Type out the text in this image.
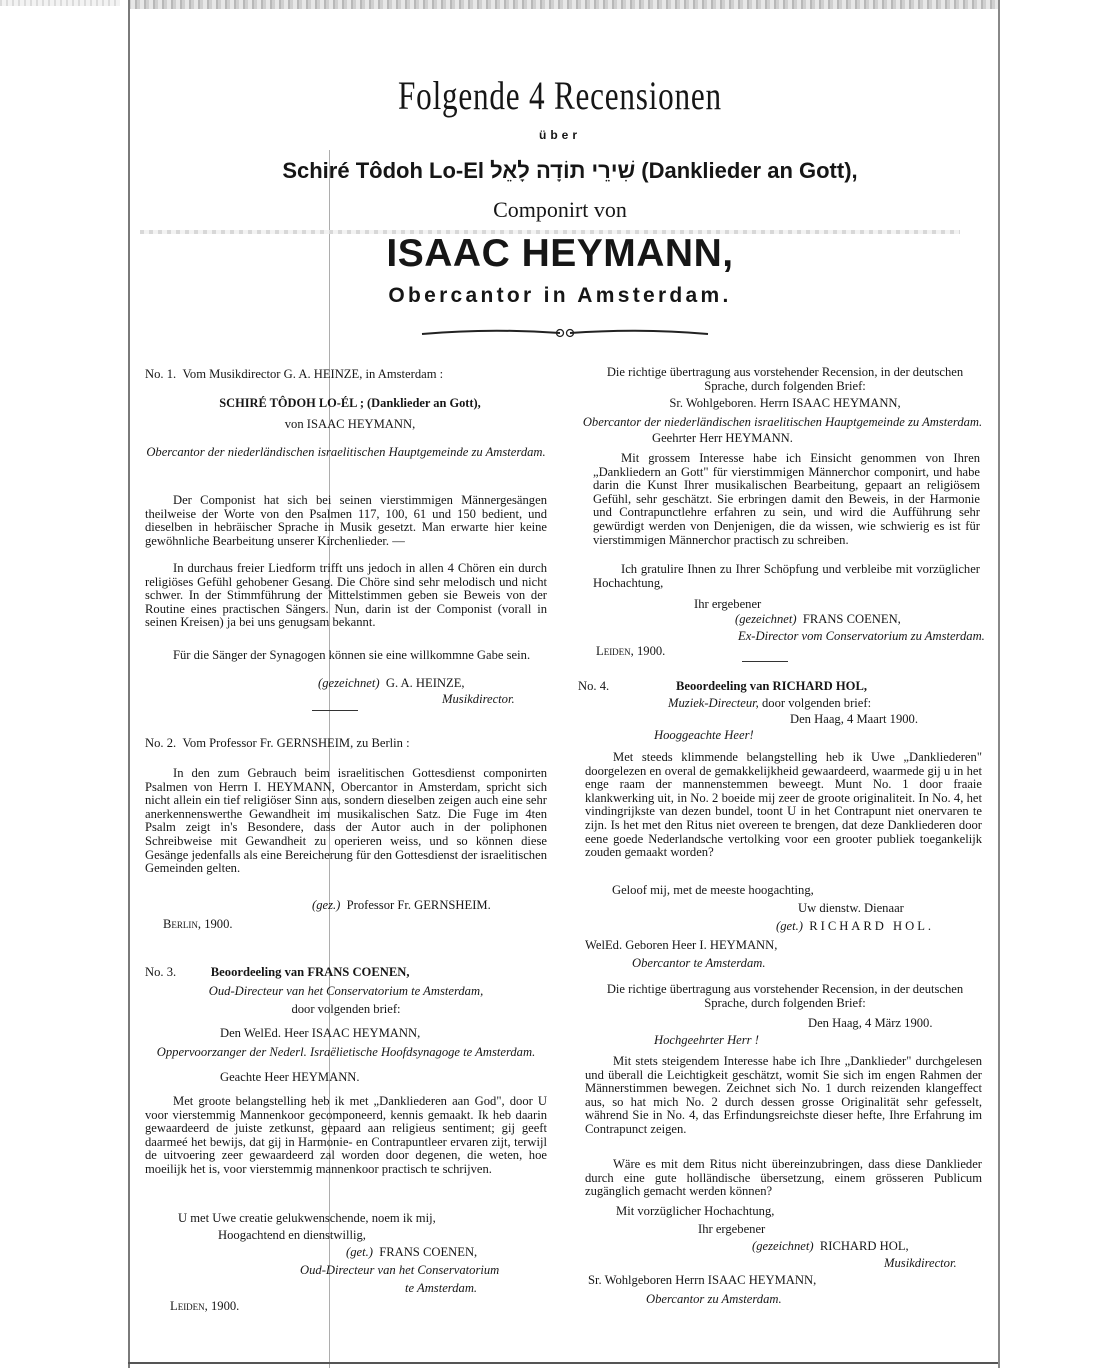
Folgende 4 Recensionen
über
Schiré Tôdoh Lo-El שִׁירֵי תוֹדָה לָאֵל (Danklieder an Gott),
Componirt von
ISAAC HEYMANN,
Obercantor in Amsterdam.

No. 1. Vom Musikdirector G. A. HEINZE, in Amsterdam :

SCHIRÉ TÔDOH LO-ÉL ; (Danklieder an Gott),

von ISAAC HEYMANN,

Obercantor der niederländischen israelitischen Hauptgemeinde zu Amsterdam.

Der Componist hat sich bei seinen vierstimmigen Männergesängen theilweise der Worte von den Psalmen 117, 100, 61 und 150 bedient, und dieselben in hebräischer Sprache in Musik gesetzt. Man erwarte hier keine gewöhnliche Bearbeitung unserer Kirchenlieder. —

In durchaus freier Liedform trifft uns jedoch in allen 4 Chören ein durch religiöses Gefühl gehobener Gesang. Die Chöre sind sehr melodisch und nicht schwer. In der Stimmführung der Mittelstimmen geben sie Beweis von der Routine eines practischen Sängers. Nun, darin ist der Componist (vorall in seinen Kreisen) ja bei uns genugsam bekannt.

Für die Sänger der Synagogen können sie eine willkommne Gabe sein.

(gezeichnet) G. A. HEINZE,

Musikdirector.

No. 2. Vom Professor Fr. GERNSHEIM, zu Berlin :

In den zum Gebrauch beim israelitischen Gottesdienst componirten Psalmen von Herrn I. HEYMANN, Obercantor in Amsterdam, spricht sich nicht allein ein tief religiöser Sinn aus, sondern dieselben zeigen auch eine sehr anerkennenswerthe Gewandheit im musikalischen Satz. Die Fuge im 4ten Psalm zeigt in's Besondere, dass der Autor auch in der poliphonen Schreibweise mit Gewandheit zu operieren weiss, und so können diese Gesänge jedenfalls als eine Bereicherung für den Gottesdienst der israelitischen Gemeinden gelten.

(gez.) Professor Fr. GERNSHEIM.

Berlin, 1900.

No. 3.	Beoordeeling van FRANS COENEN,

Oud-Directeur van het Conservatorium te Amsterdam,

door volgenden brief:

Den WelEd. Heer ISAAC HEYMANN,

Oppervoorzanger der Nederl. Israëlietische Hoofdsynagoge te Amsterdam.

Geachte Heer HEYMANN.

Met groote belangstelling heb ik met „Dankliederen aan God", door U voor vierstemmig Mannenkoor gecomponeerd, kennis gemaakt. Ik heb daarin gewaardeerd de juiste zetkunst, gepaard aan religieus sentiment; gij geeft daarmeé het bewijs, dat gij in Harmonie- en Contrapuntleer ervaren zijt, terwijl de uitvoering zeer gewaardeerd zal worden door degenen, die weten, hoe moeilijk het is, voor vierstemmig mannenkoor practisch te schrijven.

U met Uwe creatie gelukwenschende, noem ik mij,

Hoogachtend en dienstwillig,

(get.) FRANS COENEN,

Oud-Directeur van het Conservatorium

te Amsterdam.

Leiden, 1900.

Die richtige übertragung aus vorstehender Recension, in der deutschen Sprache, durch folgenden Brief:

Sr. Wohlgeboren. Herrn ISAAC HEYMANN,

Obercantor der niederländischen israelitischen Hauptgemeinde zu Amsterdam.

Geehrter Herr HEYMANN.

Mit grossem Interesse habe ich Einsicht genommen von Ihren „Dankliedern an Gott" für vierstimmigen Männerchor componirt, und habe darin die Kunst Ihrer musikalischen Bearbeitung, gepaart an religiösem Gefühl, sehr geschätzt. Sie erbringen damit den Beweis, in der Harmonie und Contrapunctlehre erfahren zu sein, und wird die Aufführung sehr gewürdigt werden von Denjenigen, die da wissen, wie schwierig es ist für vierstimmigen Männerchor practisch zu schreiben.

Ich gratulire Ihnen zu Ihrer Schöpfung und verbleibe mit vorzüglicher Hochachtung,

Ihr ergebener

(gezeichnet) FRANS COENEN,

Ex-Director vom Conservatorium zu Amsterdam.

Leiden, 1900.

No. 4.	Beoordeeling van RICHARD HOL,

Muziek-Directeur, door volgenden brief:

Den Haag, 4 Maart 1900.

Hooggeachte Heer!

Met steeds klimmende belangstelling heb ik Uwe „Dankliederen" doorgelezen en overal de gemakkelijkheid gewaardeerd, waarmede gij u in het enge raam der mannenstemmen beweegt. Munt No. 1 door fraaie klankwerking uit, in No. 2 boeide mij zeer de groote originaliteit. In No. 4, het vindingrijkste van dezen bundel, toont U in het Contrapunt niet onervaren te zijn. Is het met den Ritus niet overeen te brengen, dat deze Dankliederen door eene goede Nederlandsche vertolking voor een grooter publiek toegankelijk zouden gemaakt worden?

Geloof mij, met de meeste hoogachting,

Uw dienstw. Dienaar

(get.) RICHARD HOL.

WelEd. Geboren Heer I. HEYMANN,

Obercantor te Amsterdam.

Die richtige übertragung aus vorstehender Recension, in der deutschen Sprache, durch folgenden Brief:

Den Haag, 4 März 1900.

Hochgeehrter Herr !

Mit stets steigendem Interesse habe ich Ihre „Danklieder" durchgelesen und überall die Leichtigkeit geschätzt, womit Sie sich im engen Rahmen der Männerstimmen bewegen. Zeichnet sich No. 1 durch reizenden klangeffect aus, so hat mich No. 2 durch dessen grosse Originalität sehr gefesselt, während Sie in No. 4, das Erfindungsreichste dieser hefte, Ihre Erfahrung im Contrapunct zeigen.

Wäre es mit dem Ritus nicht übereinzubringen, dass diese Danklieder durch eine gute holländische übersetzung, einem grösseren Publicum zugänglich gemacht werden können?

Mit vorzüglicher Hochachtung,

Ihr ergebener

(gezeichnet) RICHARD HOL,

Musikdirector.

Sr. Wohlgeboren Herrn ISAAC HEYMANN,

Obercantor zu Amsterdam.
